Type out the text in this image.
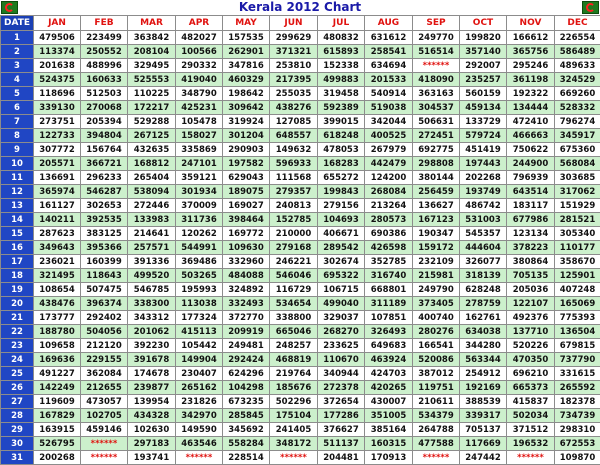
Kerala 2012 Chart
DATE	JAN	FEB	MAR	APR	MAY	JUN	JUL	AUG	SEP	OCT	NOV	DEC
1	479506	223499	363842	482027	157535	299629	480832	631612	249770	199820	166612	226554
2	113374	250552	208104	100566	262901	371321	615893	258541	516514	357140	365756	586489
3	201638	488996	329495	290332	347816	253810	152338	634694	******	292007	295246	489633
4	524375	160633	525553	419040	460329	217395	499883	201533	418090	235257	361198	324529
5	118696	512503	110225	348790	198642	255035	319458	540914	363163	560159	192322	669260
6	339130	270068	172217	425231	309642	438276	592389	519038	304537	459134	134444	528332
7	273751	205394	529288	105478	319924	127085	399015	342044	506631	133729	472410	796274
8	122733	394804	267125	158027	301204	648557	618248	400525	272451	579724	466663	345917
9	307772	156764	432635	335869	290903	149632	478053	267979	692775	451419	750622	675360
10	205571	366721	168812	247101	197582	596933	168283	442479	298808	197443	244900	568084
11	136691	296233	265404	359121	629043	111568	655272	124200	380144	202268	796939	303685
12	365974	546287	538094	301934	189075	279357	199843	268084	256459	193749	643514	317062
13	161127	302653	272446	370009	169027	240813	279156	213264	136627	486742	183117	151929
14	140211	392535	133983	311736	398464	152785	104693	280573	167123	531003	677986	281521
15	287623	383125	214641	120262	169772	210000	406671	690386	190347	545357	123134	305340
16	349643	395366	257571	544991	109630	279168	289542	426598	159172	444604	378223	110177
17	236021	160399	391336	369486	332960	246221	302674	352785	232109	326077	380864	358670
18	321495	118643	499520	503265	484088	546046	695322	316740	215981	318139	705135	125901
19	108654	507475	546785	195993	324892	116729	106715	668801	249790	628248	205036	407248
20	438476	396374	338300	113038	332493	534654	499040	311189	373405	278759	122107	165069
21	173777	292402	343312	177324	372770	338800	329037	107851	400740	162761	492376	775393
22	188780	504056	201062	415113	209919	665046	268270	326493	280276	634038	137710	136504
23	109658	212120	392230	105442	249481	248257	233625	649683	166541	344280	520226	679815
24	169636	229155	391678	149904	292424	468819	110670	463924	520086	563344	470350	737790
25	491227	362084	174678	230407	624296	219764	340944	424703	387012	254912	696210	331615
26	142249	212655	239877	265162	104298	185676	272378	420265	119751	192169	665373	265592
27	119609	473057	139954	231826	673235	502296	372654	430007	210611	388539	415837	182378
28	167829	102705	434328	342970	285845	175104	177286	351005	534379	339317	502034	734739
29	163915	459146	102630	149590	345692	241405	376627	385164	264788	705137	371512	298310
30	526795	******	297183	463546	558284	348172	511137	160315	477588	117669	196532	672553
31	200268	******	193741	******	228514	******	204481	170913	******	247442	******	109870
